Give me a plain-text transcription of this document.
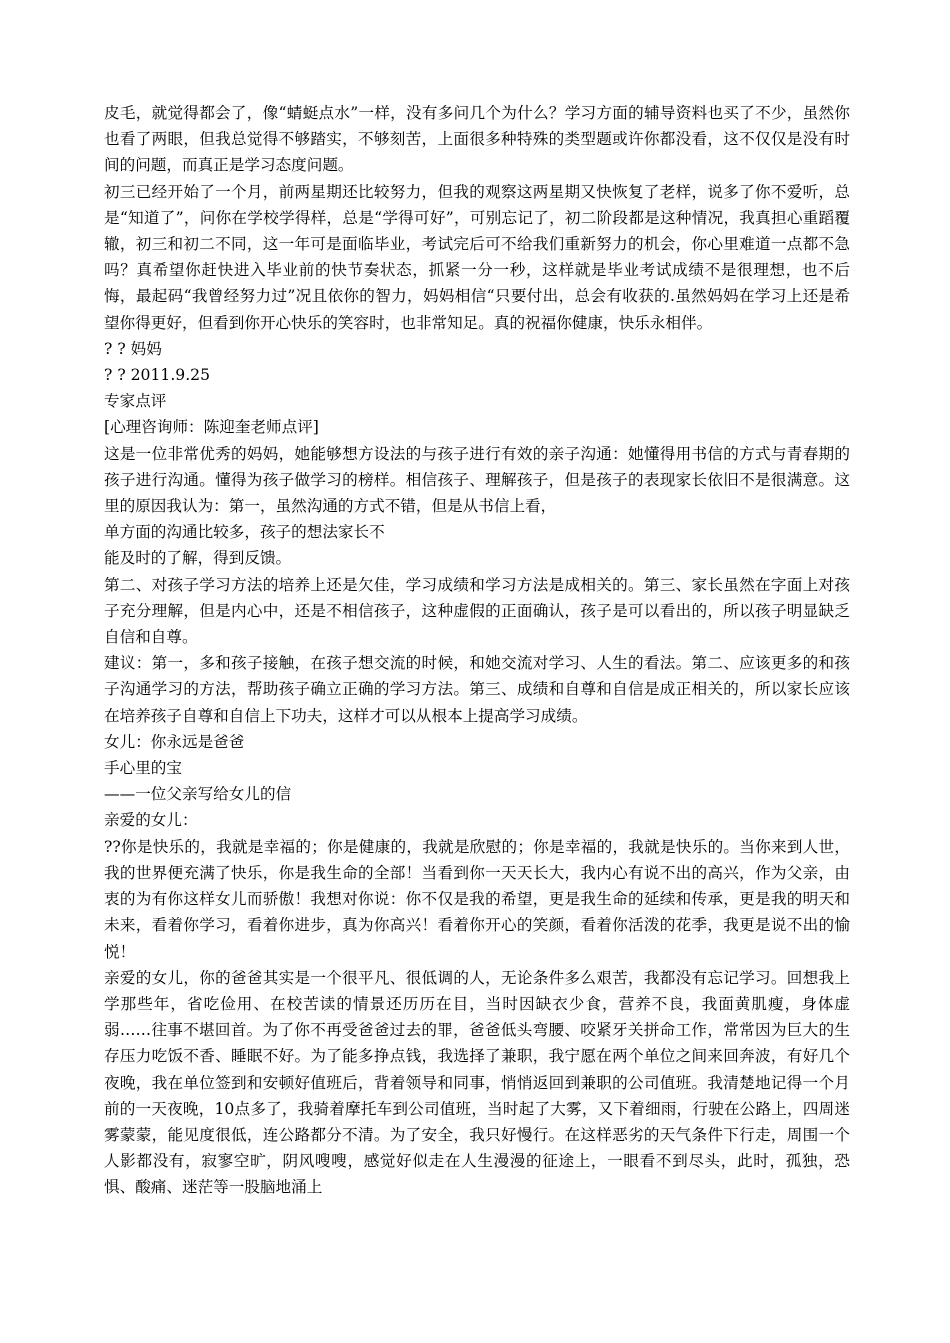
皮毛，就觉得都会了，像“蜻蜓点水”一样，没有多问几个为什么？学习方面的辅导资料也买了不少，虽然你也看了两眼，但我总觉得不够踏实，不够刻苦，上面很多种特殊的类型题或许你都没看，这不仅仅是没有时间的问题，而真正是学习态度问题。

初三已经开始了一个月，前两星期还比较努力，但我的观察这两星期又快恢复了老样，说多了你不爱听，总是“知道了”，问你在学校学得样，总是“学得可好”，可别忘记了，初二阶段都是这种情况，我真担心重蹈覆辙，初三和初二不同，这一年可是面临毕业，考试完后可不给我们重新努力的机会，你心里难道一点都不急吗？真希望你赶快进入毕业前的快节奏状态，抓紧一分一秒，这样就是毕业考试成绩不是很理想，也不后悔，最起码“我曾经努力过”况且依你的智力，妈妈相信“只要付出，总会有收获的.虽然妈妈在学习上还是希望你得更好，但看到你开心快乐的笑容时，也非常知足。真的祝福你健康，快乐永相伴。

? ? 妈妈

? ? 2011.9.25

专家点评

[心理咨询师：陈迎奎老师点评]

这是一位非常优秀的妈妈，她能够想方设法的与孩子进行有效的亲子沟通：她懂得用书信的方式与青春期的孩子进行沟通。懂得为孩子做学习的榜样。相信孩子、理解孩子，但是孩子的表现家长依旧不是很满意。这里的原因我认为：第一，虽然沟通的方式不错，但是从书信上看，

单方面的沟通比较多，孩子的想法家长不

能及时的了解，得到反馈。

第二、对孩子学习方法的培养上还是欠佳，学习成绩和学习方法是成相关的。第三、家长虽然在字面上对孩子充分理解，但是内心中，还是不相信孩子，这种虚假的正面确认，孩子是可以看出的，所以孩子明显缺乏自信和自尊。

建议：第一，多和孩子接触，在孩子想交流的时候，和她交流对学习、人生的看法。第二、应该更多的和孩子沟通学习的方法，帮助孩子确立正确的学习方法。第三、成绩和自尊和自信是成正相关的，所以家长应该在培养孩子自尊和自信上下功夫，这样才可以从根本上提高学习成绩。

女儿：你永远是爸爸

手心里的宝

——一位父亲写给女儿的信

亲爱的女儿：

??你是快乐的，我就是幸福的；你是健康的，我就是欣慰的；你是幸福的，我就是快乐的。当你来到人世，我的世界便充满了快乐，你是我生命的全部！当看到你一天天长大，我内心有说不出的高兴，作为父亲，由衷的为有你这样女儿而骄傲！我想对你说：你不仅是我的希望，更是我生命的延续和传承，更是我的明天和未来，看着你学习，看着你进步，真为你高兴！看着你开心的笑颜，看着你活泼的花季，我更是说不出的愉悦！

亲爱的女儿，你的爸爸其实是一个很平凡、很低调的人，无论条件多么艰苦，我都没有忘记学习。回想我上学那些年，省吃俭用、在校苦读的情景还历历在目，当时因缺衣少食，营养不良，我面黄肌瘦，身体虚弱……往事不堪回首。为了你不再受爸爸过去的罪，爸爸低头弯腰、咬紧牙关拼命工作，常常因为巨大的生存压力吃饭不香、睡眠不好。为了能多挣点钱，我选择了兼职，我宁愿在两个单位之间来回奔波，有好几个夜晚，我在单位签到和安顿好值班后，背着领导和同事，悄悄返回到兼职的公司值班。我清楚地记得一个月前的一天夜晚，10点多了，我骑着摩托车到公司值班，当时起了大雾，又下着细雨，行驶在公路上，四周迷雾蒙蒙，能见度很低，连公路都分不清。为了安全，我只好慢行。在这样恶劣的天气条件下行走，周围一个人影都没有，寂寥空旷，阴风嗖嗖，感觉好似走在人生漫漫的征途上，一眼看不到尽头，此时，孤独，恐惧、酸痛、迷茫等一股脑地涌上
